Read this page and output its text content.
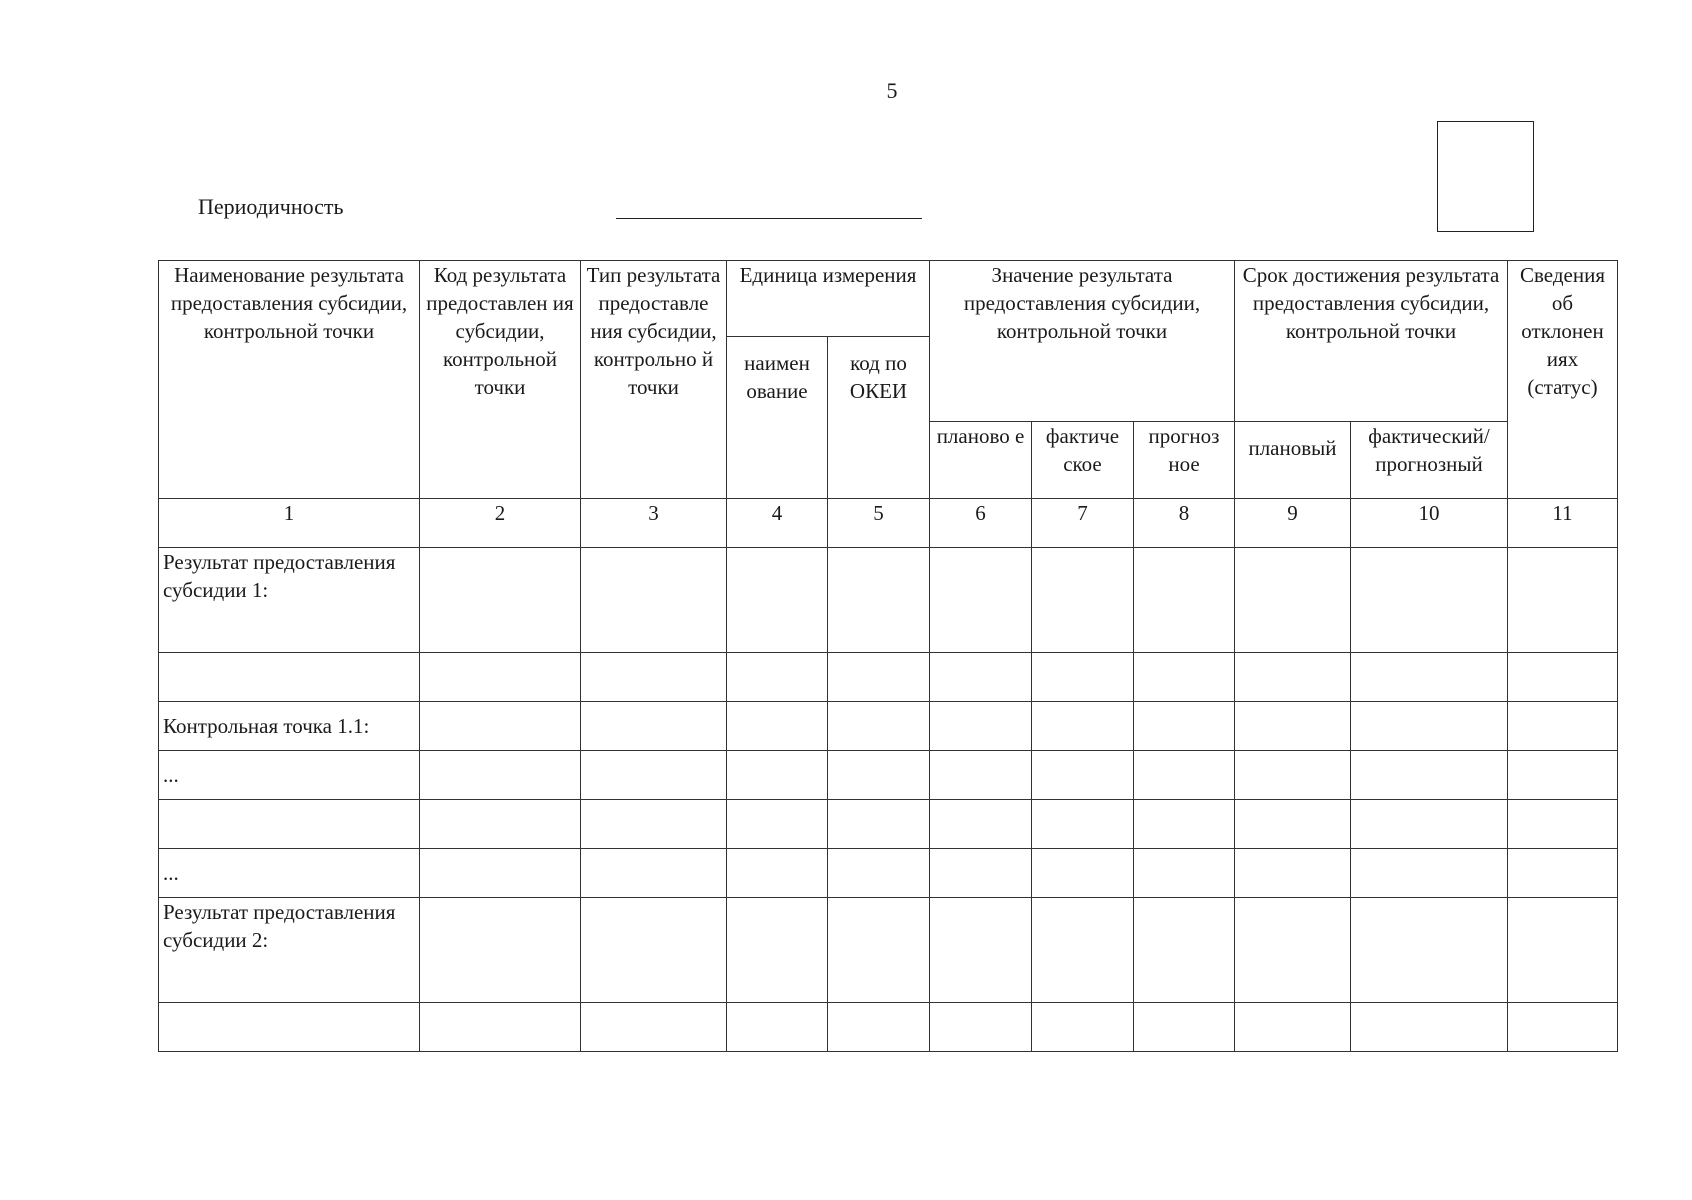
5
Периодичность
Наименование результата предоставления субсидии, контрольной точки	Код результата предоставлен ия субсидии, контрольной точки	Тип результата предоставле ния субсидии, контрольно й точки	Единица измерения		Значение результата предоставления субсидии, контрольной точки			Срок достижения результата предоставления субсидии, контрольной точки		Сведения об отклонен иях (статус)
			наимен ование	код по ОКЕИ						
					планово е	фактиче ское	прогноз ное	плановый	фактический/ прогнозный	
1	2	3	4	5	6	7	8	9	10	11
Результат предоставления субсидии 1:										

Контрольная точка 1.1:										
...										

...										
Результат предоставления субсидии 2:										
